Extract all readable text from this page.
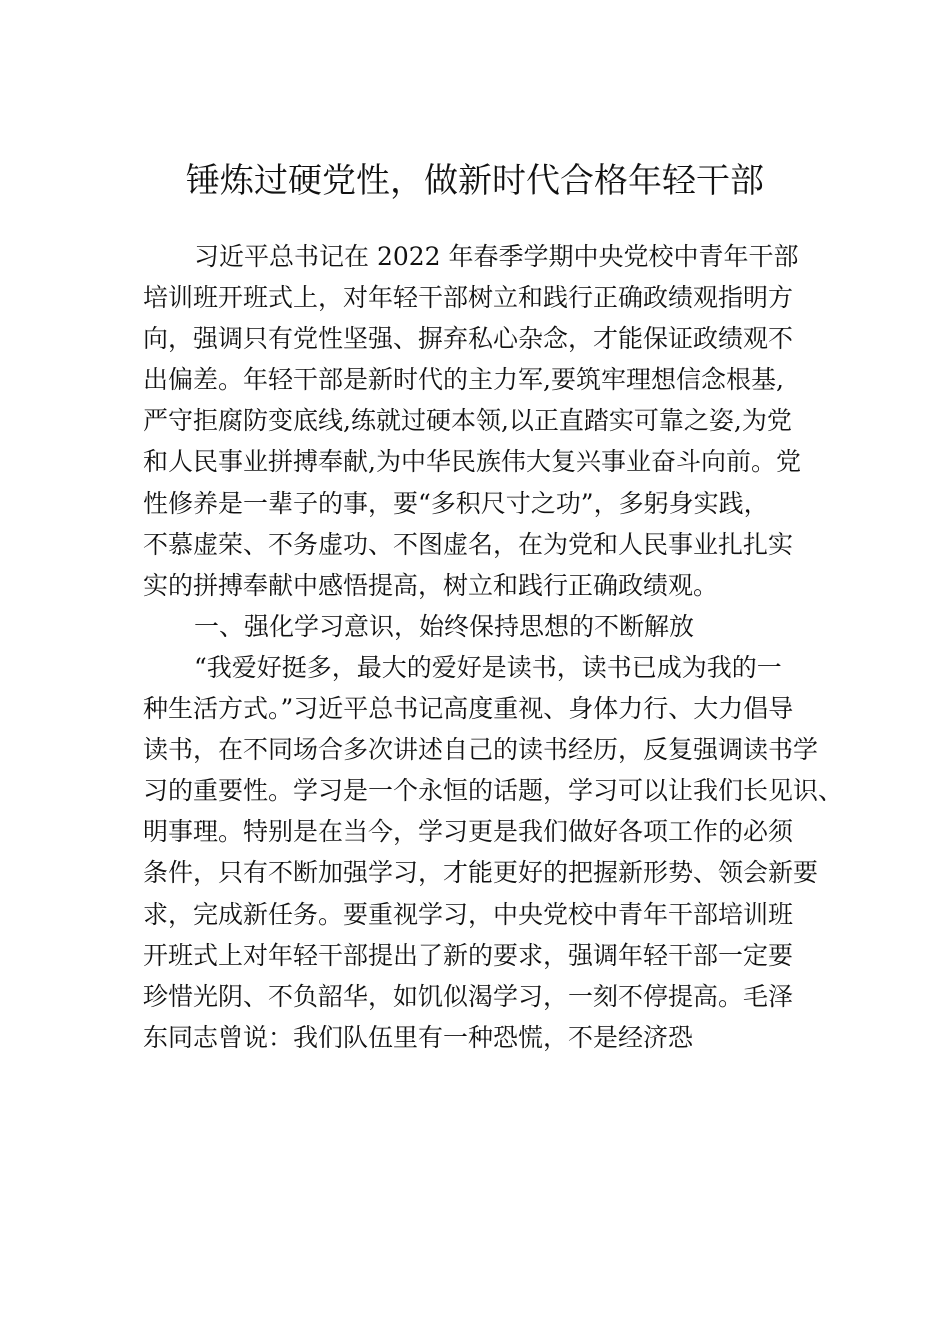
锤炼过硬党性，做新时代合格年轻干部
习近平总书记在 2022 年春季学期中央党校中青年干部
培训班开班式上，对年轻干部树立和践行正确政绩观指明方
向，强调只有党性坚强、摒弃私心杂念，才能保证政绩观不
出偏差。年轻干部是新时代的主力军,要筑牢理想信念根基,
严守拒腐防变底线,练就过硬本领,以正直踏实可靠之姿,为党
和人民事业拼搏奉献,为中华民族伟大复兴事业奋斗向前。党
性修养是一辈子的事，要“多积尺寸之功”，多躬身实践，
不慕虚荣、不务虚功、不图虚名，在为党和人民事业扎扎实
实的拼搏奉献中感悟提高，树立和践行正确政绩观。
一、强化学习意识，始终保持思想的不断解放
“我爱好挺多，最大的爱好是读书，读书已成为我的一
种生活方式。”习近平总书记高度重视、身体力行、大力倡导
读书，在不同场合多次讲述自己的读书经历，反复强调读书学
习的重要性。学习是一个永恒的话题，学习可以让我们长见识、
明事理。特别是在当今，学习更是我们做好各项工作的必须
条件，只有不断加强学习，才能更好的把握新形势、领会新要
求，完成新任务。要重视学习，中央党校中青年干部培训班
开班式上对年轻干部提出了新的要求，强调年轻干部一定要
珍惜光阴、不负韶华，如饥似渴学习，一刻不停提高。毛泽
东同志曾说：我们队伍里有一种恐慌，不是经济恐
